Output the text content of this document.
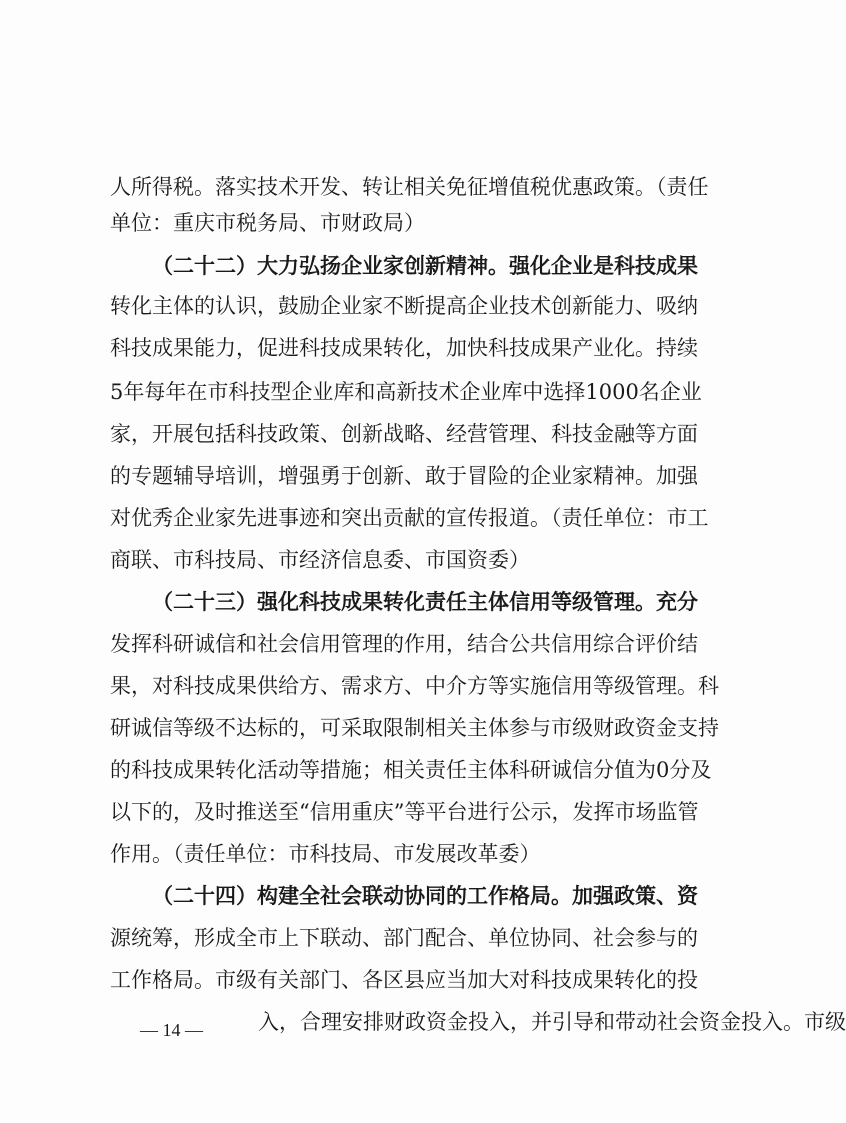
人所得税。落实技术开发、转让相关免征增值税优惠政策。（责任
单位：重庆市税务局、市财政局）
（二十二）大力弘扬企业家创新精神。强化企业是科技成果
转化主体的认识，鼓励企业家不断提高企业技术创新能力、吸纳
科技成果能力，促进科技成果转化，加快科技成果产业化。持续
5年每年在市科技型企业库和高新技术企业库中选择1000名企业
家，开展包括科技政策、创新战略、经营管理、科技金融等方面
的专题辅导培训，增强勇于创新、敢于冒险的企业家精神。加强
对优秀企业家先进事迹和突出贡献的宣传报道。（责任单位：市工
商联、市科技局、市经济信息委、市国资委）
（二十三）强化科技成果转化责任主体信用等级管理。充分
发挥科研诚信和社会信用管理的作用，结合公共信用综合评价结
果，对科技成果供给方、需求方、中介方等实施信用等级管理。科
研诚信等级不达标的，可采取限制相关主体参与市级财政资金支持
的科技成果转化活动等措施；相关责任主体科研诚信分值为0分及
以下的，及时推送至“信用重庆”等平台进行公示，发挥市场监管
作用。（责任单位：市科技局、市发展改革委）
（二十四）构建全社会联动协同的工作格局。加强政策、资
源统筹，形成全市上下联动、部门配合、单位协同、社会参与的
工作格局。市级有关部门、各区县应当加大对科技成果转化的投
入，合理安排财政资金投入，并引导和带动社会资金投入。市级
— 14 —
